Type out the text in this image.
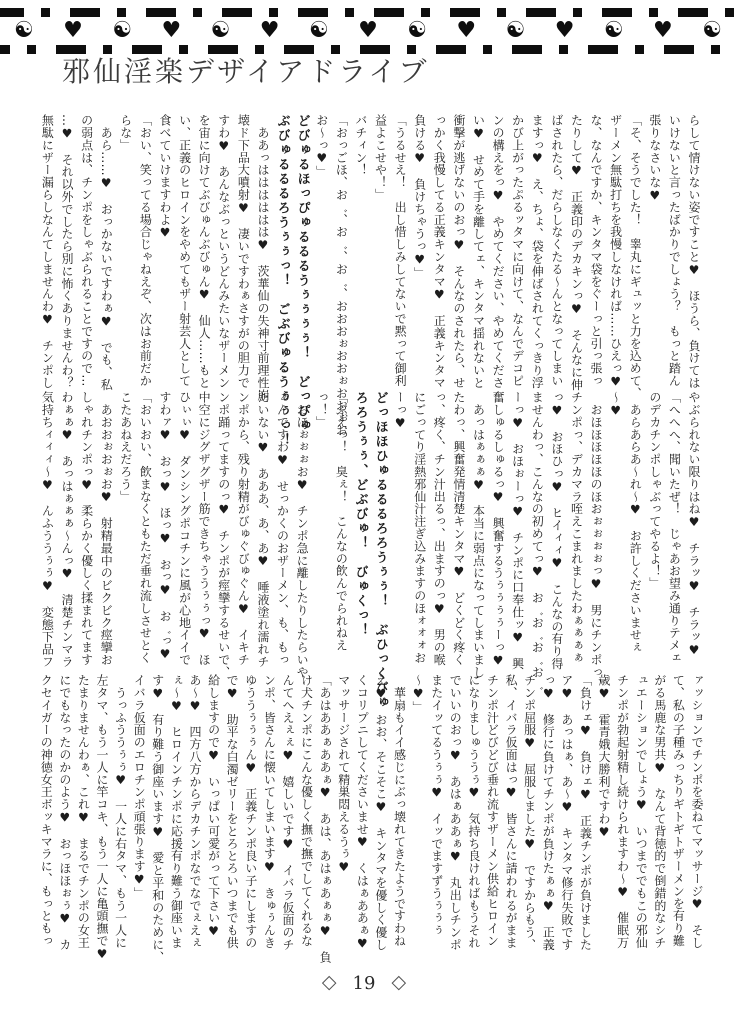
☯ ♥ ☯ ♥ ☯ ♥ ☯ ♥ ☯ ♥ ☯ ♥ ☯ ♥ ☯
邪仙淫楽デザイアドライブ

らして情けない姿ですこと♥　ほうら、負けては

いけないと言ったばかりでしょう？　もっと踏ん

張りなさいな♥

「そ、そうでした！　睾丸にギュッと力を込めて、

ザーメン無駄打ちを我慢しなければ……ひえっ♥

な、なんですか、キンタマ袋をぐーっと引っ張っ

たりして♥　正義印のデカキンっ♥　そんなに伸

ばされたら、だらしなくたる〜んとなってしまい

ますっ♥　え、ちょ、袋を伸ばされてくっきり浮

かび上がったぷるッタマに向けて、なんでデコピ

ンの構えをっ♥　やめてください、やめてくださ

い♥　せめて手を離してェ、キンタマ揺れないと

衝撃が逃げないのおっ♥　そんなのされたら、せ

っかく我慢してる正義キンタマ♥　正義キンタマ

負ける♥　負けちゃうっ♥」

「うるせえ！　出し惜しみしてないで黙って御利

益よこせや！」

バチィン！

「おっごほ、お゛、お゛、お゛、おおおぉおおぉおおぉお

お〜っ♥」

どびゅるほっぴゅるるるうぅぅぅぅ！　どっぴゅ

ぶびゅるるるろうぅぅっ！　ごぶびゅるうぅぅっ！

　ああっはははははは♥　茨華仙の失神寸前理性崩

壊ド下品大噴射♥　凄いですわぁさすがの胆力で

すわ♥　あんなぶっというどんみたいなザーメン

を宙に向けてぶびゅんぶびゅん♥　仙人……もと

い、正義のヒロインをやめてもザー射芸人として

食べていけますわよ♥

「おい、笑ってる場合じゃねえぞ、次はお前だか

らな」

　あら……♥　おっかないですわぁ♥　でも、私

の弱点は、チンポをしゃぶられることですので…

…♥　それ以外でしたら別に怖くありませんわ？

無駄にザー漏らしなんてしませんわ♥　チンポし

やぶられない限りはね♥　チラッ♥　チラッ♥

「へへへ、聞いたぜ！　じゃあお望み通りテメェ

のデカチンポしゃぶってやるよ！」

　あらあらあ〜れ〜♥　お許しくださいませぇ

〜♥

　おほほほほほのほおぉぉぉぉっ♥　男にチンポっ、

チンポっ、デカマラ咥えこまれましたわぁぁぁぁ

っ♥　おほひっ♥　ヒイィィ♥　こんなの有り得

ませんわっ、こんなの初めてっ♥　お゛お゛お゛お゛

ーっ♥　おほぉーっ♥　チンポに口奉仕ッ♥　興

奮しゅるしゅるっ♥　興奮するうぅぅぅぅーっ♥

　あっはぁぁぁ♥　本当に弱点になってしまいまし

たわっ、興奮発情清楚キンタマ♥　どくどく疼く

っ、疼く、チン汁出るっ、出ますのっ♥　男の喉

にごってり淫熱邪仙汁注ぎ込みますのほォォォお

ーっ♥

どっほほひゅるるるろろうぅぅ！　ぶひっくびゅ

ろろうぅぅ、どぶびゅ！　びゅくっ！

「ぶえっ！　臭ぇ！　こんなの飲んでられねえ

っ！」

　おほぉぉぉお♥　チンポ急に離したりしたらいや

ぁんですわ♥　せっかくのおザーメン、も、もっ

たいない♥　あああ、あ、あ♥　唾液塗れ濡れチ

ンポから、残り射精がびゅぐびゅぐん♥　イキチ

ンポ踊ってますのっ♥　チンポが痙攣するせいで、

中空にジグザグザー筋できちゃううぅぅっ♥　ほ

ひぃぃ♥　ダンシングポコチンに風が心地イイで

すわァ♥　おっ♥　ほっ♥　おっ♥　お゛っ♥

「おいおい、飲まなくともただ垂れ流しさせとく

こたあねえだろう」

　あおおぉおぉお♥　射精最中のビクビク痙攣お

しゃれチンポっ♥　柔らかく優しく揉まれてます

わぁぁ♥　あっはぁぁぁ〜んっ♥　清楚チンマラ

気持ちィィィ〜♥　んふううぅぅ♥　変態下品フ

ァッションでチンポを委ねてマッサージ♥　そし

て、私の子種みっちりギトギトザーメンを有り難

がる馬鹿な男共♥　なんて背徳的で倒錯的なシチ

ュエーションでしょう♥　いつまででもこの邪仙

チンポが勃起射精し続けられますわ〜♥　催眠万

歳♥　霍青娥大勝利ですわ♥

「負けェ♥　負けェ♥　正義チンポが負けました

ア♥　あっはぁ、あ〜♥　キンタマ修行失敗です

っ♥　修行に負けてチンポが負けたぁぁ♥　正義

チンポ屈服♥　屈服しました♥　ですからもう、

私、イバラ仮面はっ♥　皆さんに請われるがまま

チンポ汁どびどび垂れ流すザーメン供給ヒロイン

になりましゅううぅ♥　気持ち良ければもうそれ

でいいのおっ♥　あはぁああぁ♥　丸出しチンポ

またイッてるうぅぅ♥　イッでますずうぅぅぅ

〜♥」

　華扇もイイ感じにぶっ壊れてきたようですわね

え♥　おお、そこそこ♥　キンタマを優しく優し

くコリプニしてくださいませ♥　くはぁああぁ♥

マッサージされて精巣悶えるうぅ♥

「あはああぁああぁ♥　あは、あはぁあぁぁ♥　負

け犬チンポにこんな優しく撫で撫でしてくれるな

んてへえぇぇ♥　嬉しいです♥　イバラ仮面のチ

ンポ、皆さんに懐いてしまいます♥　きゅぅんき

ゆううぅぅぅん♥　正義チンポ良い子にしますの

で♥　助平な白濁ゼリーをとろとろいつまでも供

給しますので♥　いっぱい可愛がって下さい♥

あ〜♥　四方八方からデカチンポなでなでぇえぇ

ぇ〜♥　ヒロインチンポに応援有り難う御座いま

す♥　有り難う御座います♥　愛と平和のために、

イバラ仮面のエロチンポ頑張ります♥」

　うっふううぅぅ♥　一人に右タマ、もう一人に

左タマ、もう一人に竿コキ、もう一人に亀頭撫で♥

たまりませんわぁ、これ♥　まるでチンポの女王

にでもなったのかのよう♥　おっほほぉぅ♥　カ

クセイガーの神徳女王ボッキマラに、もっともっ

◇ 19 ◇
